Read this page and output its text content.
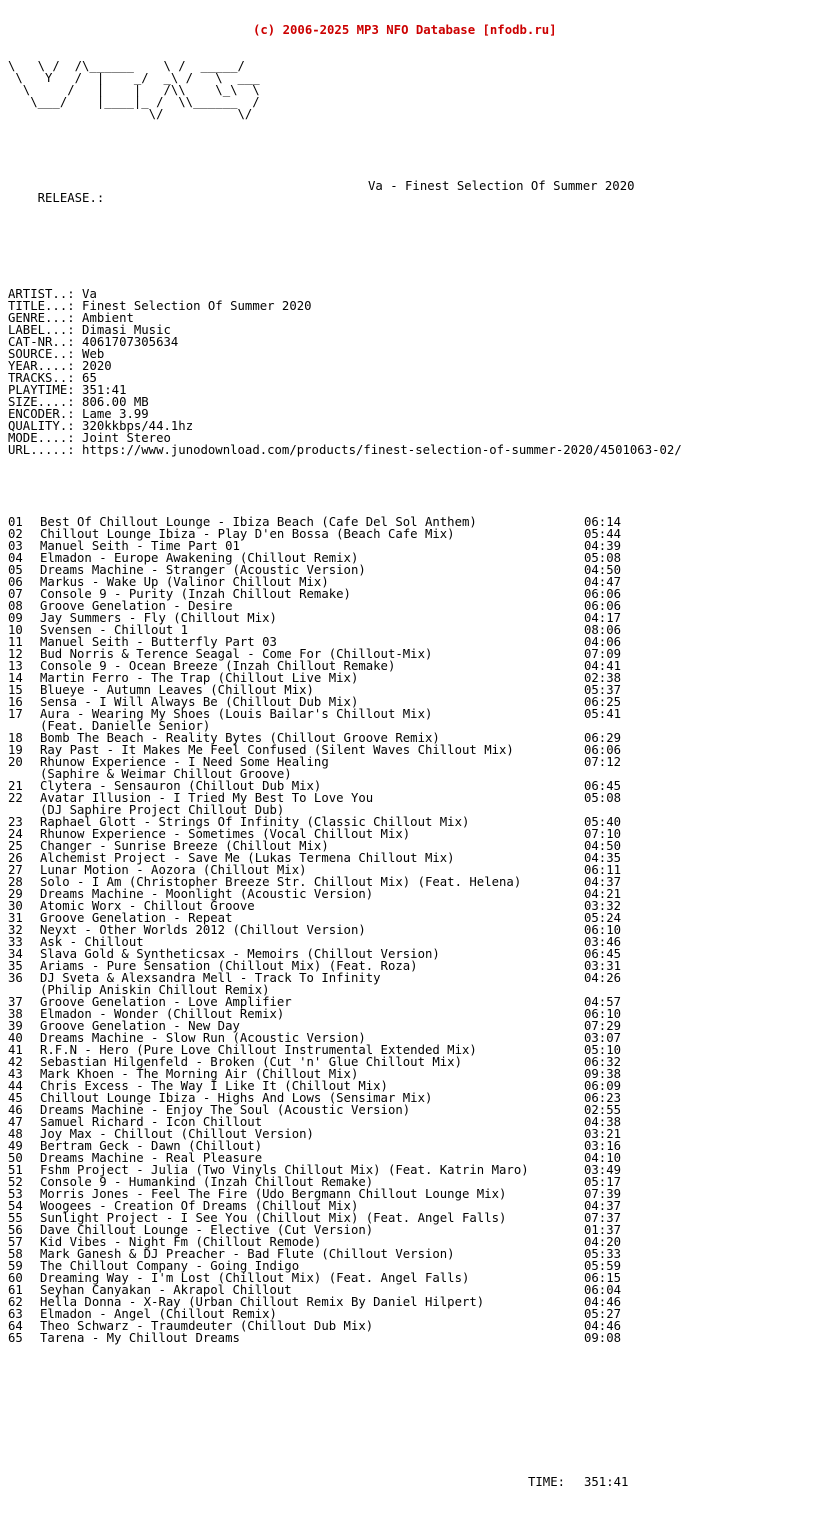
(c) 2006-2025 MP3 NFO Database [nfodb.ru]

\   \ /  /\______    \ /  _____/
\   Y   /  |    _/  _\ /   \  ___
\     /   |    |   /\\    \_\  \
\___/    |____|_ /  \\______  /
\/          \/

RELEASE.:

Va - Finest Selection Of Summer 2020

ARTIST..: Va
TITLE...: Finest Selection Of Summer 2020
GENRE...: Ambient
LABEL...: Dimasi Music
CAT-NR..: 4061707305634
SOURCE..: Web
YEAR....: 2020
TRACKS..: 65
PLAYTIME: 351:41
SIZE....: 806.00 MB
ENCODER.: Lame 3.99
QUALITY.: 320kkbps/44.1hz
MODE....: Joint Stereo
URL.....: https://www.junodownload.com/products/finest-selection-of-summer-2020/4501063-02/

01 Best Of Chillout Lounge - Ibiza Beach (Cafe Del Sol Anthem)	06:14
02 Chillout Lounge Ibiza - Play D'en Bossa (Beach Cafe Mix)	05:44
03 Manuel Seith - Time Part 01	04:39
04 Elmadon - Europe Awakening (Chillout Remix)	05:08
05 Dreams Machine - Stranger (Acoustic Version)	04:50
06 Markus - Wake Up (Valinor Chillout Mix)	04:47
07 Console 9 - Purity (Inzah Chillout Remake)	06:06
08 Groove Genelation - Desire	06:06
09 Jay Summers - Fly (Chillout Mix)	04:17
10 Svensen - Chillout 1	08:06
11 Manuel Seith - Butterfly Part 03	04:06
12 Bud Norris & Terence Seagal - Come For (Chillout-Mix)	07:09
13 Console 9 - Ocean Breeze (Inzah Chillout Remake)	04:41
14 Martin Ferro - The Trap (Chillout Live Mix)	02:38
15 Blueye - Autumn Leaves (Chillout Mix)	05:37
16 Sensa - I Will Always Be (Chillout Dub Mix)	06:25
17 Aura - Wearing My Shoes (Louis Bailar's Chillout Mix)	05:41
(Feat. Danielle Senior)
18 Bomb The Beach - Reality Bytes (Chillout Groove Remix)	06:29
19 Ray Past - It Makes Me Feel Confused (Silent Waves Chillout Mix)	06:06
20 Rhunow Experience - I Need Some Healing	07:12
(Saphire & Weimar Chillout Groove)
21 Clytera - Sensauron (Chillout Dub Mix)	06:45
22 Avatar Illusion - I Tried My Best To Love You	05:08
(DJ Saphire Project Chillout Dub)
23 Raphael Glott - Strings Of Infinity (Classic Chillout Mix)	05:40
24 Rhunow Experience - Sometimes (Vocal Chillout Mix)	07:10
25 Changer - Sunrise Breeze (Chillout Mix)	04:50
26 Alchemist Project - Save Me (Lukas Termena Chillout Mix)	04:35
27 Lunar Motion - Aozora (Chillout Mix)	06:11
28 Solo - I Am (Christopher Breeze Str. Chillout Mix) (Feat. Helena)	04:37
29 Dreams Machine - Moonlight (Acoustic Version)	04:21
30 Atomic Worx - Chillout Groove	03:32
31 Groove Genelation - Repeat	05:24
32 Neyxt - Other Worlds 2012 (Chillout Version)	06:10
33 Ask - Chillout	03:46
34 Slava Gold & Syntheticsax - Memoirs (Chillout Version)	06:45
35 Ariams - Pure Sensation (Chillout Mix) (Feat. Roza)	03:31
36 DJ Sveta & Alexsandra Mell - Track To Infinity	04:26
(Philip Aniskin Chillout Remix)
37 Groove Genelation - Love Amplifier	04:57
38 Elmadon - Wonder (Chillout Remix)	06:10
39 Groove Genelation - New Day	07:29
40 Dreams Machine - Slow Run (Acoustic Version)	03:07
41 R.F.N - Hero (Pure Love Chillout Instrumental Extended Mix)	05:10
42 Sebastian Hilgenfeld - Broken (Cut 'n' Glue Chillout Mix)	06:32
43 Mark Khoen - The Morning Air (Chillout Mix)	09:38
44 Chris Excess - The Way I Like It (Chillout Mix)	06:09
45 Chillout Lounge Ibiza - Highs And Lows (Sensimar Mix)	06:23
46 Dreams Machine - Enjoy The Soul (Acoustic Version)	02:55
47 Samuel Richard - Icon Chillout	04:38
48 Joy Max - Chillout (Chillout Version)	03:21
49 Bertram Geck - Dawn (Chillout)	03:16
50 Dreams Machine - Real Pleasure	04:10
51 Fshm Project - Julia (Two Vinyls Chillout Mix) (Feat. Katrin Maro)	03:49
52 Console 9 - Humankind (Inzah Chillout Remake)	05:17
53 Morris Jones - Feel The Fire (Udo Bergmann Chillout Lounge Mix)	07:39
54 Woogees - Creation Of Dreams (Chillout Mix)	04:37
55 Sunlight Project - I See You (Chillout Mix) (Feat. Angel Falls)	07:37
56 Dave Chillout Lounge - Elective (Cut Version)	01:37
57 Kid Vibes - Night Fm (Chillout Remode)	04:20
58 Mark Ganesh & DJ Preacher - Bad Flute (Chillout Version)	05:33
59 The Chillout Company - Going Indigo	05:59
60 Dreaming Way - I'm Lost (Chillout Mix) (Feat. Angel Falls)	06:15
61 Seyhan Canyakan - Akrapol Chillout	06:04
62 Hella Donna - X-Ray (Urban Chillout Remix By Daniel Hilpert)	04:46
63 Elmadon - Angel (Chillout Remix)	05:27
64 Theo Schwarz - Traumdeuter (Chillout Dub Mix)	04:46
65 Tarena - My Chillout Dreams	09:08

TIME:

351:41
